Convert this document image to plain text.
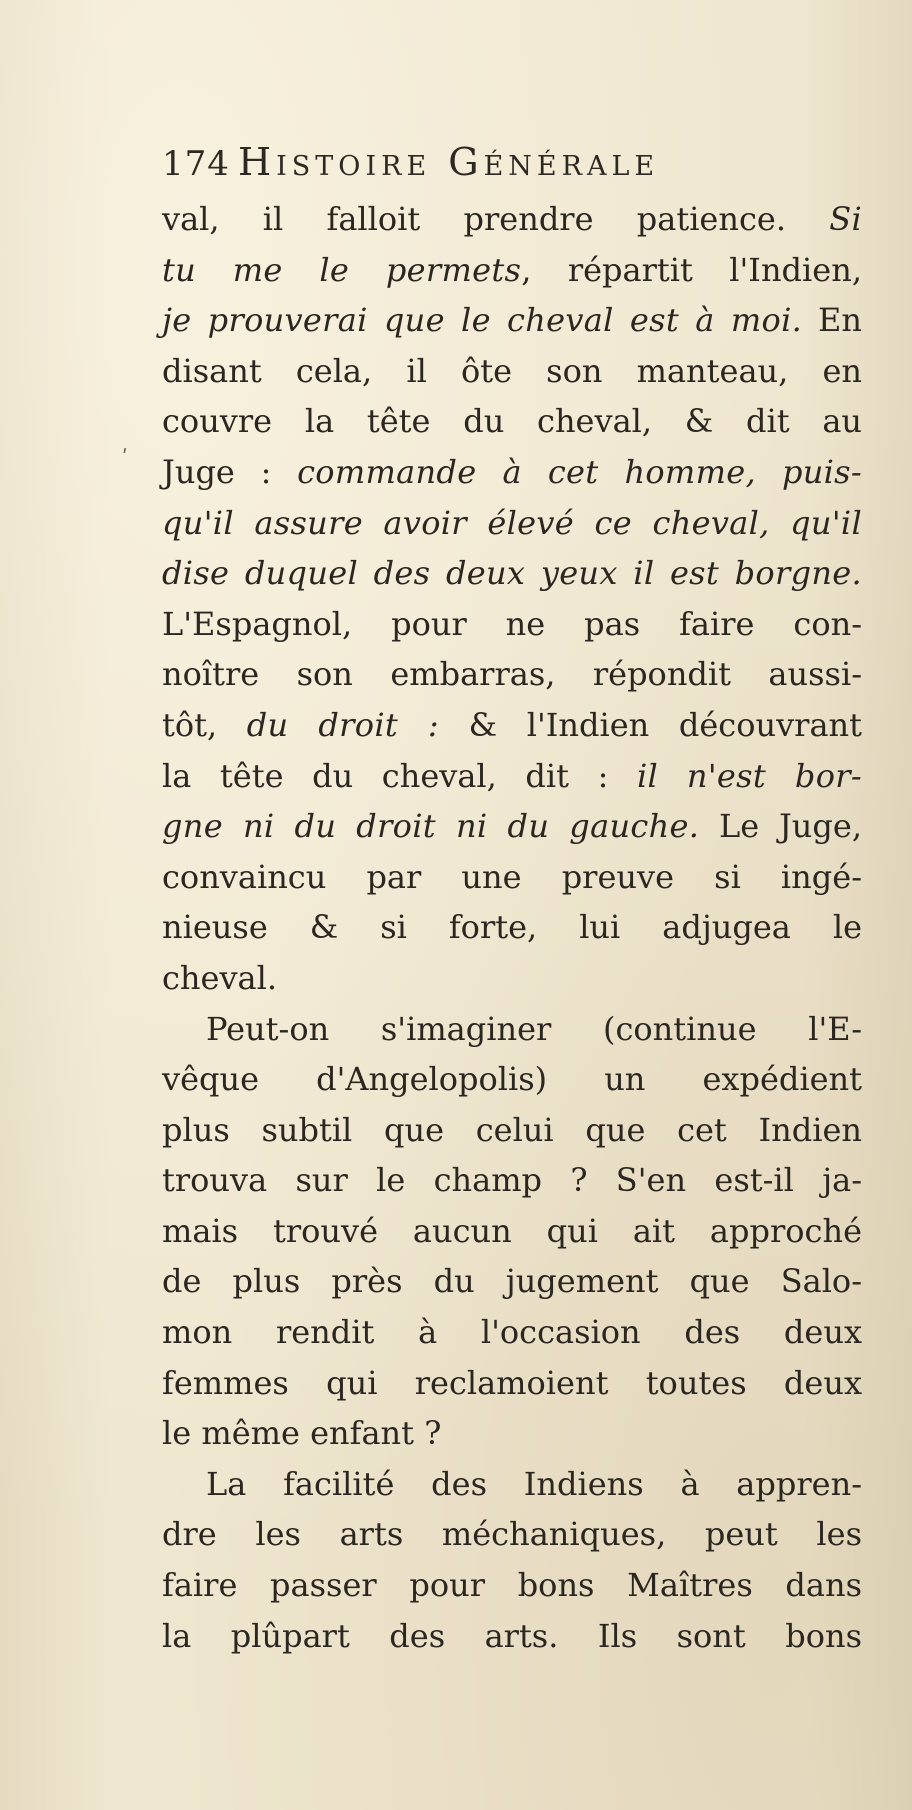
174 Histoire Générale
val, il falloit prendre patience. Si
tu me le permets, répartit l'Indien,
je prouverai que le cheval est à moi. En
disant cela, il ôte son manteau, en
couvre la tête du cheval, & dit au
Juge : commande à cet homme, puis-
qu'il assure avoir élevé ce cheval, qu'il
dise duquel des deux yeux il est borgne.
L'Espagnol, pour ne pas faire con-
noître son embarras, répondit aussi-
tôt, du droit : & l'Indien découvrant
la tête du cheval, dit : il n'est bor-
gne ni du droit ni du gauche. Le Juge,
convaincu par une preuve si ingé-
nieuse & si forte, lui adjugea le
cheval.
Peut-on s'imaginer (continue l'E-
vêque d'Angelopolis) un expédient
plus subtil que celui que cet Indien
trouva sur le champ ? S'en est-il ja-
mais trouvé aucun qui ait approché
de plus près du jugement que Salo-
mon rendit à l'occasion des deux
femmes qui reclamoient toutes deux
le même enfant ?
La facilité des Indiens à appren-
dre les arts méchaniques, peut les
faire passer pour bons Maîtres dans
la plûpart des arts. Ils sont bons
ʹ
